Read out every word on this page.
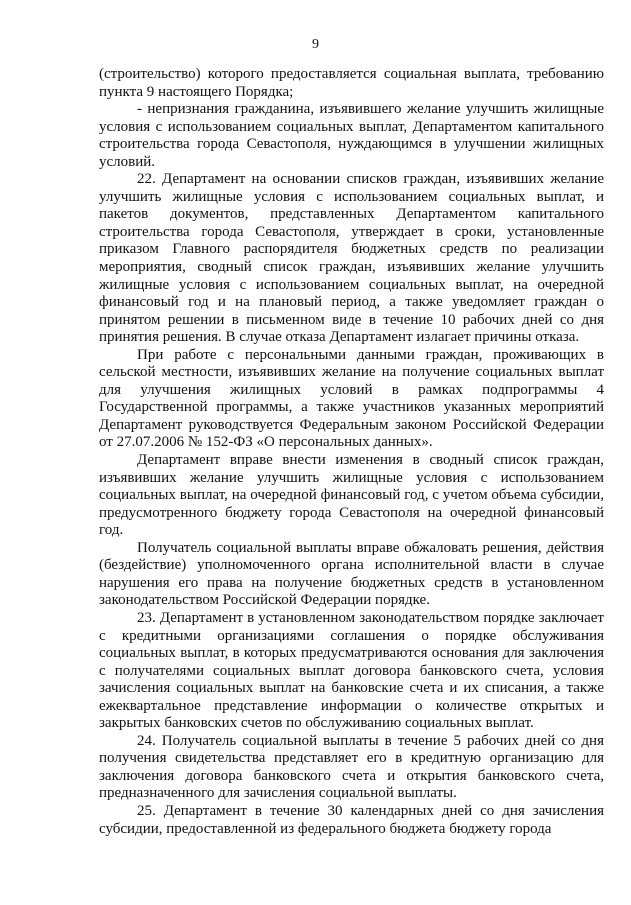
9

(строительство) которого предоставляется социальная выплата, требованию пункта 9 настоящего Порядка;

- непризнания гражданина, изъявившего желание улучшить жилищные условия с использованием социальных выплат, Департаментом капитального строительства города Севастополя, нуждающимся в улучшении жилищных условий.

22. Департамент на основании списков граждан, изъявивших желание улучшить жилищные условия с использованием социальных выплат, и пакетов документов, представленных Департаментом капитального строительства города Севастополя, утверждает в сроки, установленные приказом Главного распорядителя бюджетных средств по реализации мероприятия, сводный список граждан, изъявивших желание улучшить жилищные условия с использованием социальных выплат, на очередной финансовый год и на плановый период, а также уведомляет граждан о принятом решении в письменном виде в течение 10 рабочих дней со дня принятия решения. В случае отказа Департамент излагает причины отказа.

При работе с персональными данными граждан, проживающих в сельской местности, изъявивших желание на получение социальных выплат для улучшения жилищных условий в рамках подпрограммы 4 Государственной программы, а также участников указанных мероприятий Департамент руководствуется Федеральным законом Российской Федерации от 27.07.2006 № 152-ФЗ «О персональных данных».

Департамент вправе внести изменения в сводный список граждан, изъявивших желание улучшить жилищные условия с использованием социальных выплат, на очередной финансовый год, с учетом объема субсидии, предусмотренного бюджету города Севастополя на очередной финансовый год.

Получатель социальной выплаты вправе обжаловать решения, действия (бездействие) уполномоченного органа исполнительной власти в случае нарушения его права на получение бюджетных средств в установленном законодательством Российской Федерации порядке.

23. Департамент в установленном законодательством порядке заключает с кредитными организациями соглашения о порядке обслуживания социальных выплат, в которых предусматриваются основания для заключения с получателями социальных выплат договора банковского счета, условия зачисления социальных выплат на банковские счета и их списания, а также ежеквартальное представление информации о количестве открытых и закрытых банковских счетов по обслуживанию социальных выплат.

24. Получатель социальной выплаты в течение 5 рабочих дней со дня получения свидетельства представляет его в кредитную организацию для заключения договора банковского счета и открытия банковского счета, предназначенного для зачисления социальной выплаты.

25. Департамент в течение 30 календарных дней со дня зачисления субсидии, предоставленной из федерального бюджета бюджету города
